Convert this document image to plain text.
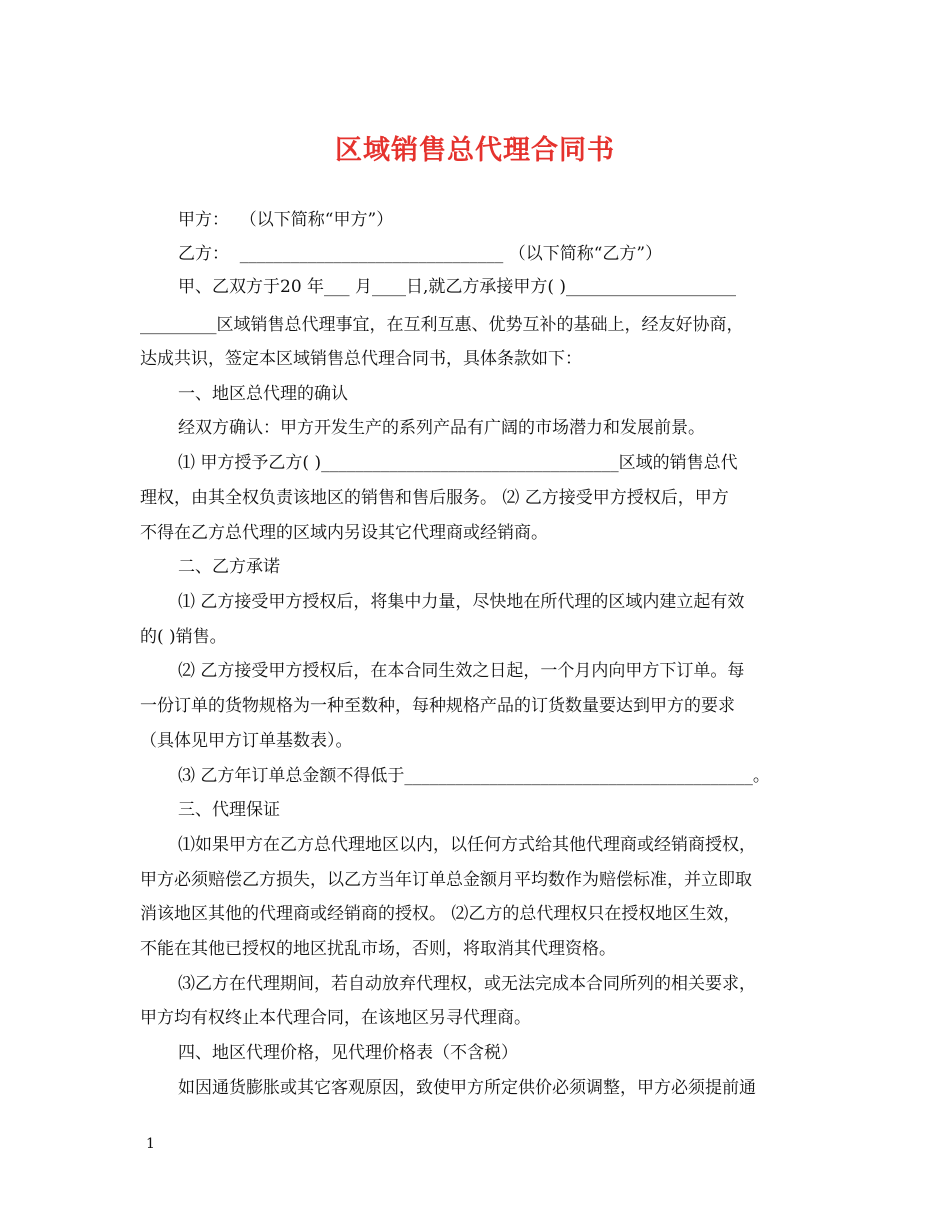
区域销售总代理合同书
甲方：  （以下简称“甲方”）
乙方：  _______________________________ （以下简称“乙方”）
甲、乙双方于20 年___ 月____日,就乙方承接甲方( )____________________
_________区域销售总代理事宜，在互利互惠、优势互补的基础上，经友好协商，
达成共识，签定本区域销售总代理合同书，具体条款如下：
一、地区总代理的确认
经双方确认：甲方开发生产的系列产品有广阔的市场潜力和发展前景。
⑴ 甲方授予乙方( )___________________________________区域的销售总代
理权，由其全权负责该地区的销售和售后服务。 ⑵ 乙方接受甲方授权后，甲方
不得在乙方总代理的区域内另设其它代理商或经销商。
二、乙方承诺
⑴ 乙方接受甲方授权后，将集中力量，尽快地在所代理的区域内建立起有效
的( )销售。
⑵ 乙方接受甲方授权后，在本合同生效之日起，一个月内向甲方下订单。每
一份订单的货物规格为一种至数种，每种规格产品的订货数量要达到甲方的要求
（具体见甲方订单基数表）。
⑶ 乙方年订单总金额不得低于_________________________________________。
三、代理保证
⑴如果甲方在乙方总代理地区以内，以任何方式给其他代理商或经销商授权，
甲方必须赔偿乙方损失，以乙方当年订单总金额月平均数作为赔偿标准，并立即取
消该地区其他的代理商或经销商的授权。 ⑵乙方的总代理权只在授权地区生效，
不能在其他已授权的地区扰乱市场，否则，将取消其代理资格。
⑶乙方在代理期间，若自动放弃代理权，或无法完成本合同所列的相关要求，
甲方均有权终止本代理合同，在该地区另寻代理商。
四、地区代理价格，见代理价格表（不含税）
如因通货膨胀或其它客观原因，致使甲方所定供价必须调整，甲方必须提前通
1
